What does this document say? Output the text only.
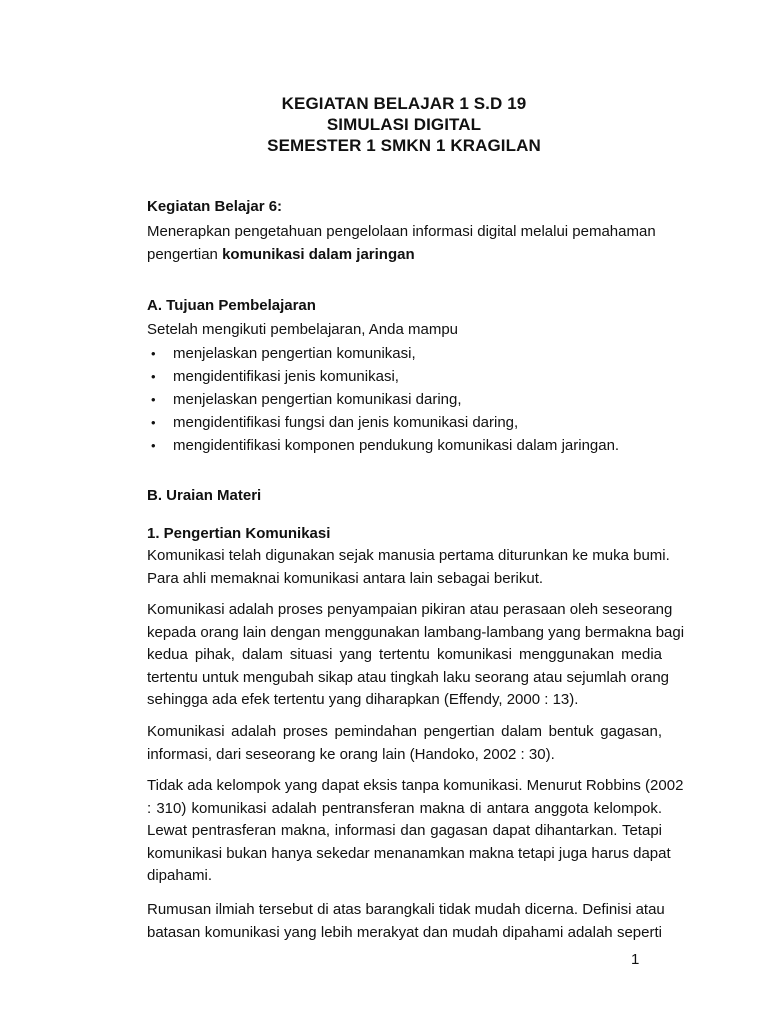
KEGIATAN BELAJAR 1 S.D 19
SIMULASI DIGITAL
SEMESTER 1 SMKN 1 KRAGILAN
Kegiatan Belajar 6:
Menerapkan pengetahuan pengelolaan informasi digital melalui pemahaman
pengertian komunikasi dalam jaringan
A. Tujuan Pembelajaran
Setelah mengikuti pembelajaran, Anda mampu
• menjelaskan pengertian komunikasi,
• mengidentifikasi jenis komunikasi,
• menjelaskan pengertian komunikasi daring,
• mengidentifikasi fungsi dan jenis komunikasi daring,
• mengidentifikasi komponen pendukung komunikasi dalam jaringan.
B. Uraian Materi
1. Pengertian Komunikasi
Komunikasi telah digunakan sejak manusia pertama diturunkan ke muka bumi.
Para ahli memaknai komunikasi antara lain sebagai berikut.
Komunikasi adalah proses penyampaian pikiran atau perasaan oleh seseorang
kepada orang lain dengan menggunakan lambang-lambang yang bermakna bagi
kedua pihak, dalam situasi yang tertentu komunikasi menggunakan media
tertentu untuk mengubah sikap atau tingkah laku seorang atau sejumlah orang
sehingga ada efek tertentu yang diharapkan (Effendy, 2000 : 13).
Komunikasi adalah proses pemindahan pengertian dalam bentuk gagasan,
informasi, dari seseorang ke orang lain (Handoko, 2002 : 30).
Tidak ada kelompok yang dapat eksis tanpa komunikasi. Menurut Robbins (2002
: 310) komunikasi adalah pentransferan makna di antara anggota kelompok.
Lewat pentrasferan makna, informasi dan gagasan dapat dihantarkan. Tetapi
komunikasi bukan hanya sekedar menanamkan makna tetapi juga harus dapat
dipahami.
Rumusan ilmiah tersebut di atas barangkali tidak mudah dicerna. Definisi atau
batasan komunikasi yang lebih merakyat dan mudah dipahami adalah seperti
1
